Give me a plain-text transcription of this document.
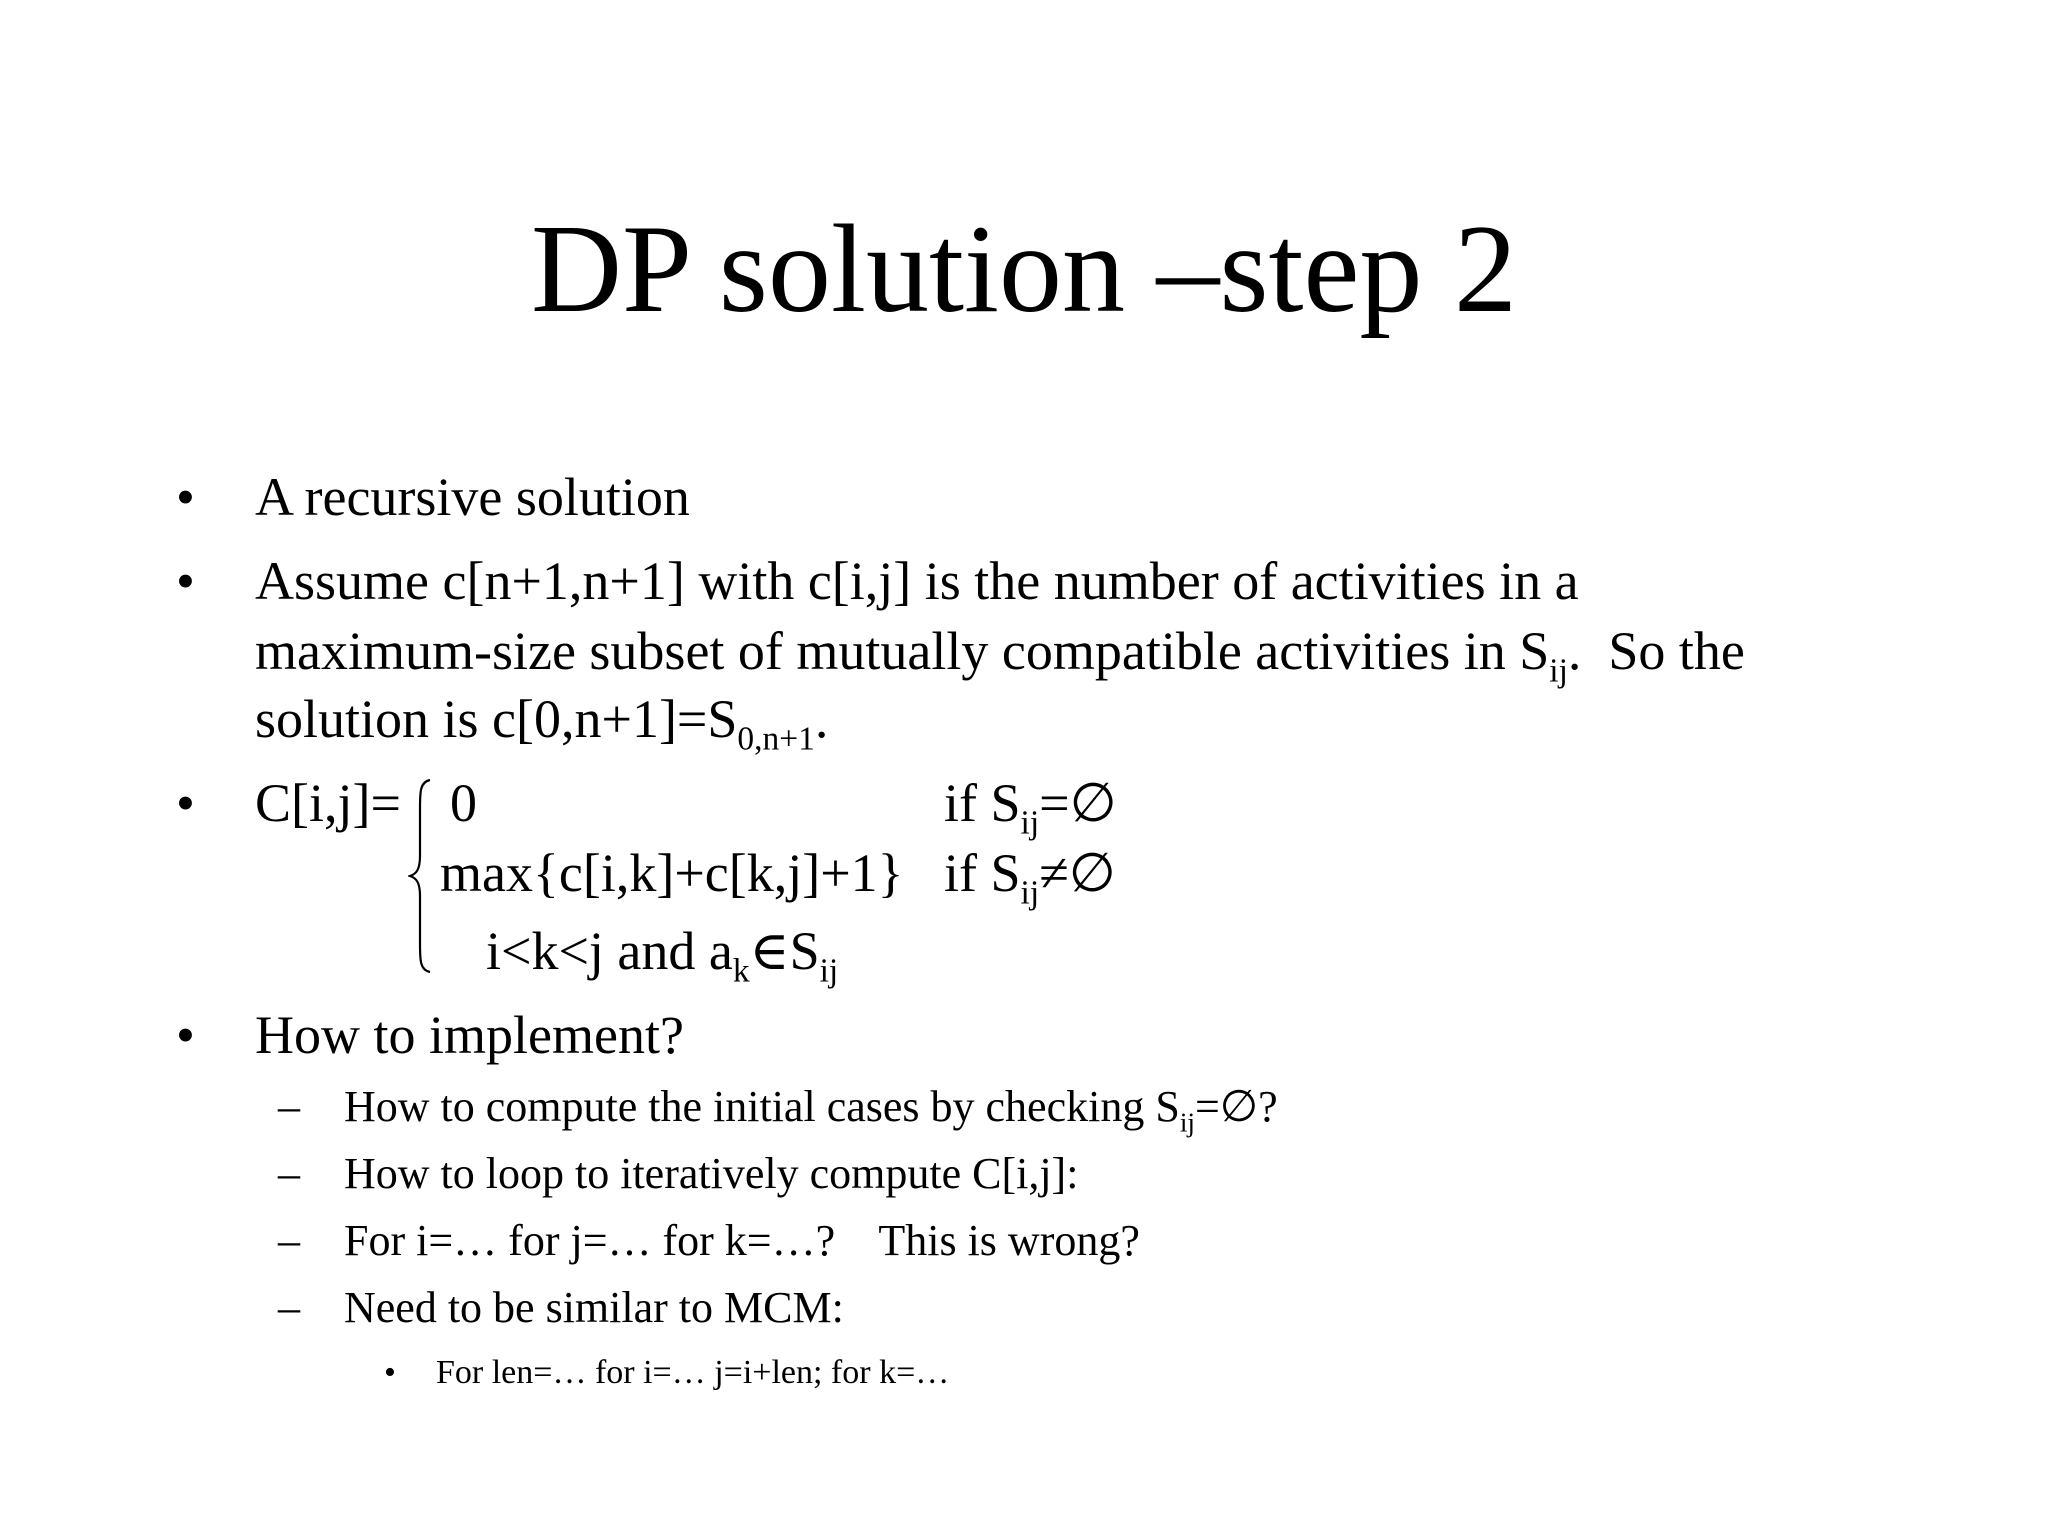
DP solution –step 2
• A recursive solution
• Assume c[n+1,n+1] with c[i,j] is the number of activities in a
maximum-size subset of mutually compatible activities in $S_{ij}$.  So the
solution is $c[0,n+1]=S_{0,n+1}$.
• C[i,j]= 0	if $S_{ij}=\emptyset$
max{c[i,k]+c[k,j]+1} if $S_{ij}\ne\emptyset$
i<k<j and $a_k\in S_{ij}$
• How to implement?
– How to compute the initial cases by checking $S_{ij}=\emptyset$?
– How to loop to iteratively compute C[i,j]:
– For i=… for j=… for k=…?    This is wrong?
– Need to be similar to MCM:
• For len=… for i=… j=i+len; for k=…
